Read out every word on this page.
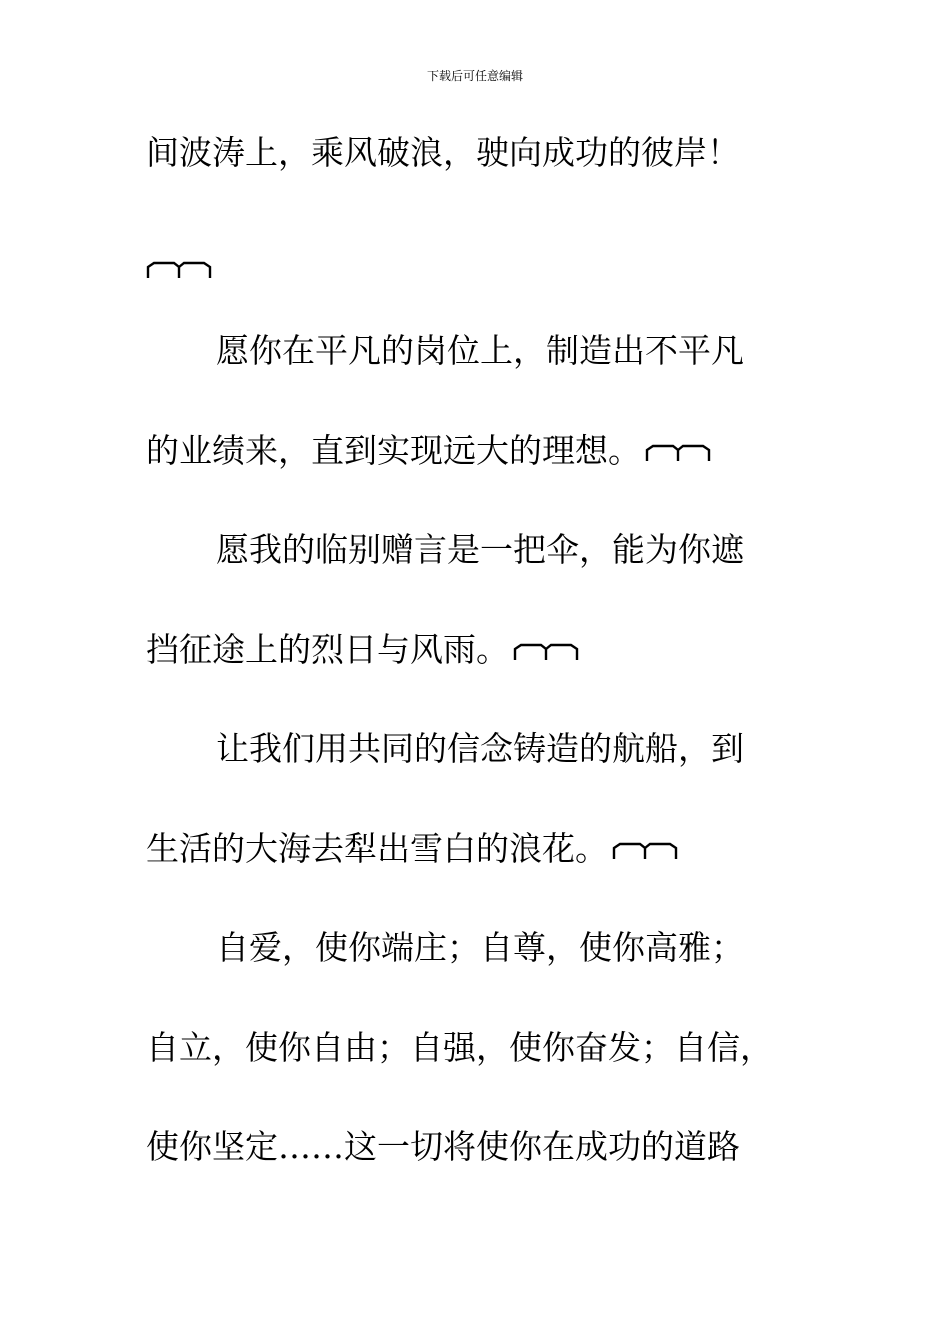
下载后可任意编辑
间波涛上，乘风破浪，驶向成功的彼岸！
愿你在平凡的岗位上，制造出不平凡
的业绩来，直到实现远大的理想。
愿我的临别赠言是一把伞，能为你遮
挡征途上的烈日与风雨。
让我们用共同的信念铸造的航船，到
生活的大海去犁出雪白的浪花。
自爱，使你端庄；自尊，使你高雅；
自立，使你自由；自强，使你奋发；自信，
使你坚定……这一切将使你在成功的道路
